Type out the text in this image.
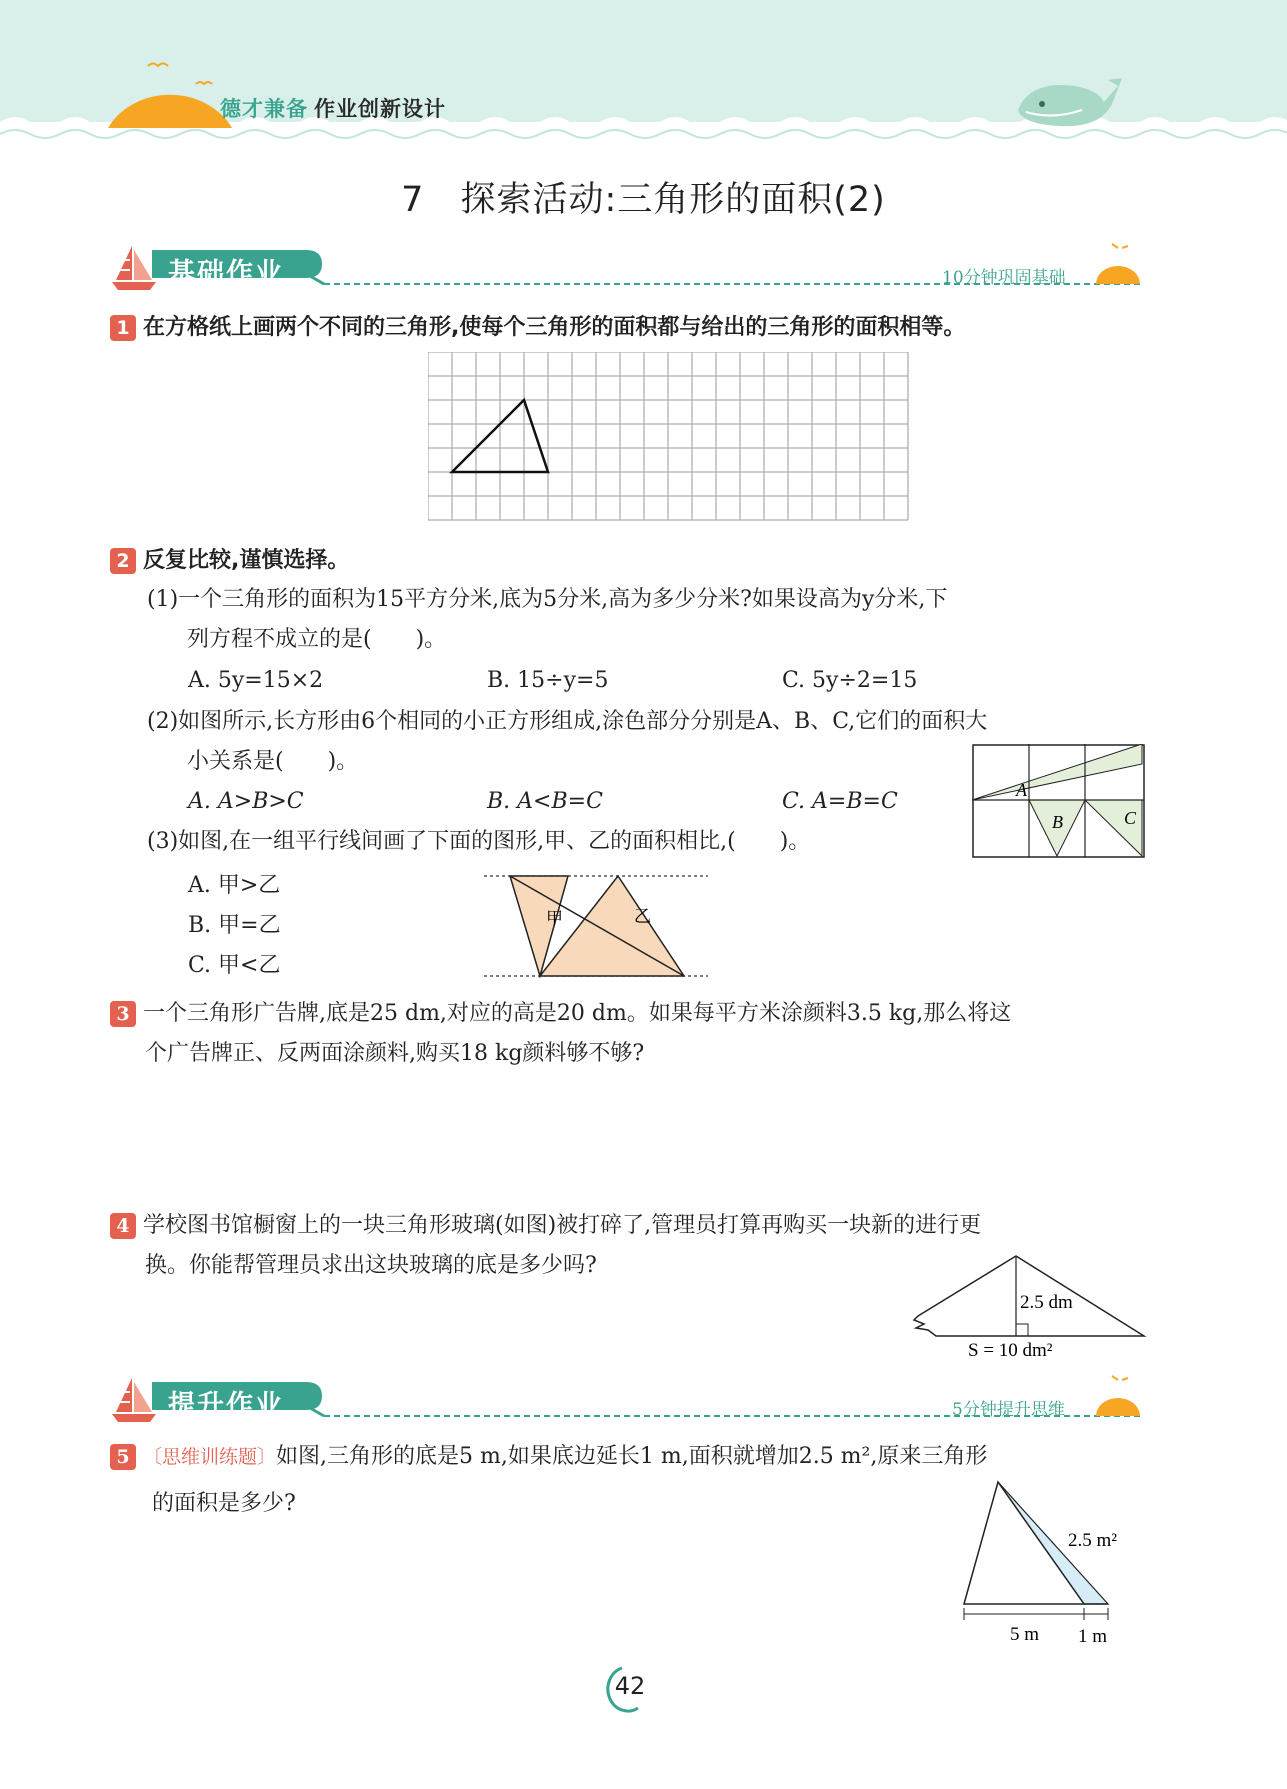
德才兼备 作业创新设计
7　探索活动:三角形的面积(2)
基础作业	10分钟巩固基础
1 在方格纸上画两个不同的三角形,使每个三角形的面积都与给出的三角形的面积相等。
2 反复比较,谨慎选择。
(1)一个三角形的面积为15平方分米,底为5分米,高为多少分米?如果设高为y分米,下
列方程不成立的是(　　)。
A. 5y=15×2	B. 15÷y=5	C. 5y÷2=15
(2)如图所示,长方形由6个相同的小正方形组成,涂色部分分别是A、B、C,它们的面积大
小关系是(　　)。
A. A>B>C	B. A<B=C	C. A=B=C	A
B	C
(3)如图,在一组平行线间画了下面的图形,甲、乙的面积相比,(　　)。
A. 甲>乙
B. 甲=乙
C. 甲<乙
甲	乙
3 一个三角形广告牌,底是25 dm,对应的高是20 dm。如果每平方米涂颜料3.5 kg,那么将这
个广告牌正、反两面涂颜料,购买18 kg颜料够不够?
4 学校图书馆橱窗上的一块三角形玻璃(如图)被打碎了,管理员打算再购买一块新的进行更
换。你能帮管理员求出这块玻璃的底是多少吗?
2.5 dm
S = 10 dm²
提升作业	5分钟提升思维
5 〔思维训练题〕如图,三角形的底是5 m,如果底边延长1 m,面积就增加2.5 m²,原来三角形
的面积是多少?
2.5 m²
5 m 1 m
42
